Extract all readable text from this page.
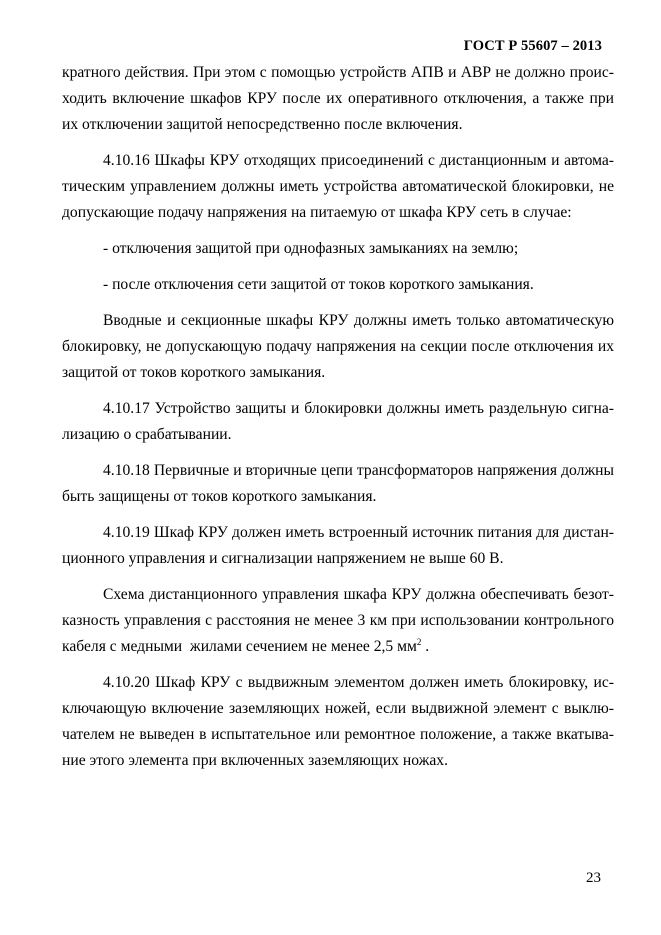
ГОСТ Р 55607 – 2013
кратного действия. При этом с помощью устройств АПВ и АВР не должно проис-
ходить включение шкафов КРУ после их оперативного отключения, а также при
их отключении защитой непосредственно после включения.
4.10.16 Шкафы КРУ отходящих присоединений с дистанционным и автома-
тическим управлением должны иметь устройства автоматической блокировки, не
допускающие подачу напряжения на питаемую от шкафа КРУ сеть в случае:
- отключения защитой при однофазных замыканиях на землю;
- после отключения сети защитой от токов короткого замыкания.
Вводные и секционные шкафы КРУ должны иметь только автоматическую
блокировку, не допускающую подачу напряжения на секции после отключения их
защитой от токов короткого замыкания.
4.10.17 Устройство защиты и блокировки должны иметь раздельную сигна-
лизацию о срабатывании.
4.10.18 Первичные и вторичные цепи трансформаторов напряжения должны
быть защищены от токов короткого замыкания.
4.10.19 Шкаф КРУ должен иметь встроенный источник питания для дистан-
ционного управления и сигнализации напряжением не выше 60 В.
Схема дистанционного управления шкафа КРУ должна обеспечивать безот-
казность управления с расстояния не менее 3 км при использовании контрольного
кабеля с медными  жилами сечением не менее 2,5 $мм^2$ .
4.10.20 Шкаф КРУ с выдвижным элементом должен иметь блокировку, ис-
ключающую включение заземляющих ножей, если выдвижной элемент с выклю-
чателем не выведен в испытательное или ремонтное положение, а также вкатыва-
ние этого элемента при включенных заземляющих ножах.
23
